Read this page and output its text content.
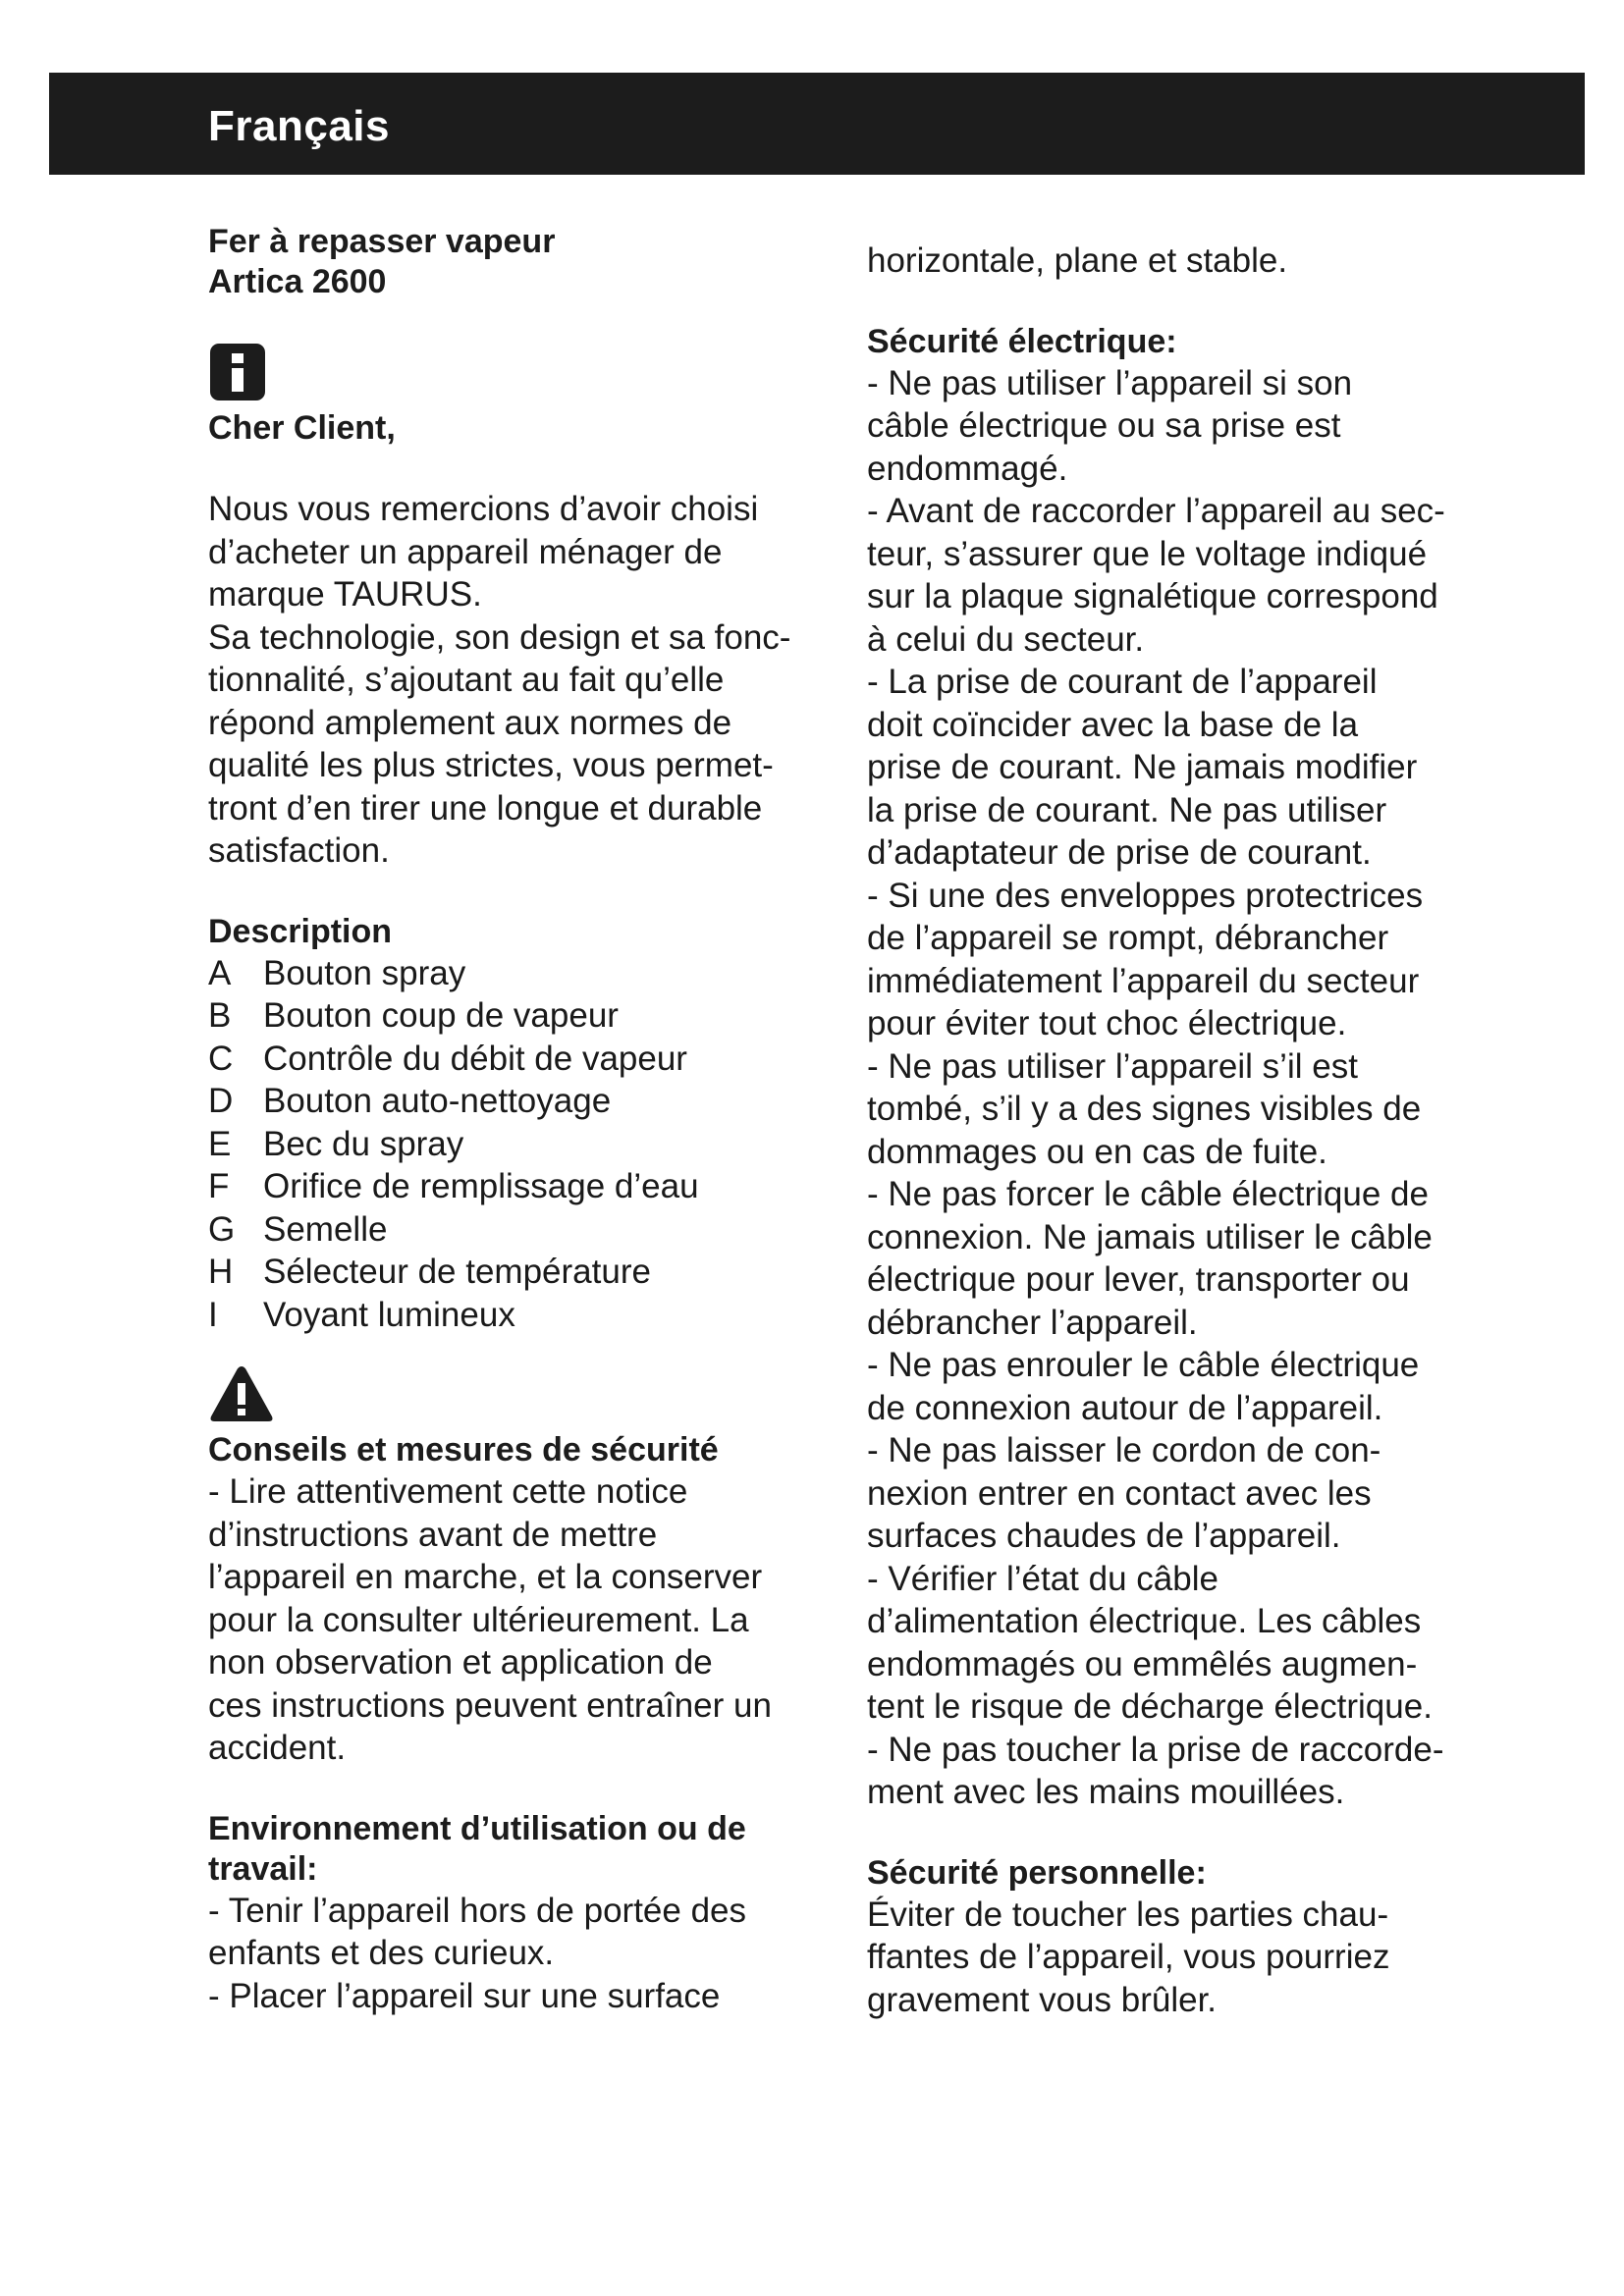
Français
Fer à repasser vapeur
Artica 2600
Cher Client,
Nous vous remercions d’avoir choisi
d’acheter un appareil ménager de
marque TAURUS.
Sa technologie, son design et sa fonc-
tionnalité, s’ajoutant au fait qu’elle
répond amplement aux normes de
qualité les plus strictes, vous permet-
tront d’en tirer une longue et durable
satisfaction.
Description
A Bouton spray
B Bouton coup de vapeur
C Contrôle du débit de vapeur
D Bouton auto-nettoyage
E Bec du spray
F Orifice de remplissage d’eau
G Semelle
H Sélecteur de température
I	Voyant lumineux
Conseils et mesures de sécurité
- Lire attentivement cette notice
d’instructions avant de mettre
l’appareil en marche, et la conserver
pour la consulter ultérieurement. La
non observation et application de
ces instructions peuvent entraîner un
accident.
Environnement d’utilisation ou de
travail:
- Tenir l’appareil hors de portée des
enfants et des curieux.
- Placer l’appareil sur une surface
horizontale, plane et stable.
Sécurité électrique:
- Ne pas utiliser l’appareil si son
câble électrique ou sa prise est
endommagé.
- Avant de raccorder l’appareil au sec-
teur, s’assurer que le voltage indiqué
sur la plaque signalétique correspond
à celui du secteur.
- La prise de courant de l’appareil
doit coïncider avec la base de la
prise de courant. Ne jamais modifier
la prise de courant. Ne pas utiliser
d’adaptateur de prise de courant.
- Si une des enveloppes protectrices
de l’appareil se rompt, débrancher
immédiatement l’appareil du secteur
pour éviter tout choc électrique.
- Ne pas utiliser l’appareil s’il est
tombé, s’il y a des signes visibles de
dommages ou en cas de fuite.
- Ne pas forcer le câble électrique de
connexion. Ne jamais utiliser le câble
électrique pour lever, transporter ou
débrancher l’appareil.
- Ne pas enrouler le câble électrique
de connexion autour de l’appareil.
- Ne pas laisser le cordon de con-
nexion entrer en contact avec les
surfaces chaudes de l’appareil.
- Vérifier l’état du câble
d’alimentation électrique. Les câbles
endommagés ou emmêlés augmen-
tent le risque de décharge électrique.
- Ne pas toucher la prise de raccorde-
ment avec les mains mouillées.
Sécurité personnelle:
Éviter de toucher les parties chau-
ffantes de l’appareil, vous pourriez
gravement vous brûler.
